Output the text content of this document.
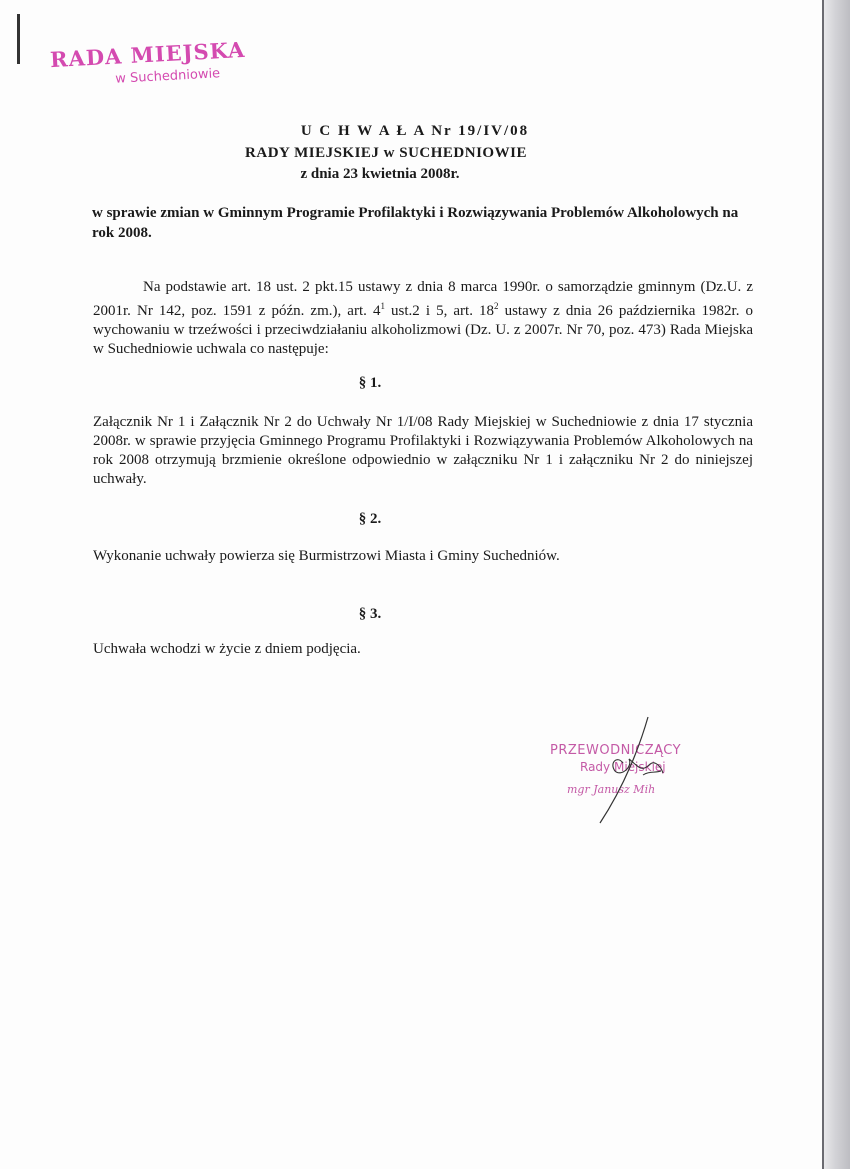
RADA MIEJSKA
w Suchedniowie
U C H W A Ł A Nr 19/IV/08
RADY MIEJSKIEJ w SUCHEDNIOWIE
z dnia 23 kwietnia 2008r.
w sprawie zmian w Gminnym Programie Profilaktyki i Rozwiązywania Problemów Alkoholowych na rok 2008.
Na podstawie art. 18 ust. 2 pkt.15 ustawy z dnia 8 marca 1990r. o samorządzie gminnym (Dz.U. z 2001r. Nr 142, poz. 1591 z późn. zm.), art. $4^1$ ust.2 i 5, art. $18^2$ ustawy z dnia 26 października 1982r. o wychowaniu w trzeźwości i przeciwdziałaniu alkoholizmowi (Dz. U. z 2007r. Nr 70, poz. 473) Rada Miejska w Suchedniowie uchwala co następuje:
§ 1.
Załącznik Nr 1 i Załącznik Nr 2 do Uchwały Nr 1/I/08 Rady Miejskiej w Suchedniowie z dnia 17 stycznia 2008r. w sprawie przyjęcia Gminnego Programu Profilaktyki i Rozwiązywania Problemów Alkoholowych na rok 2008 otrzymują brzmienie określone odpowiednio w załączniku Nr 1 i załączniku Nr 2 do niniejszej uchwały.
§ 2.
Wykonanie uchwały powierza się Burmistrzowi Miasta i Gminy Suchedniów.
§ 3.
Uchwała wchodzi w życie z dniem podjęcia.
PRZEWODNICZĄCY
Rady Miejskiej
mgr Janusz Mih
